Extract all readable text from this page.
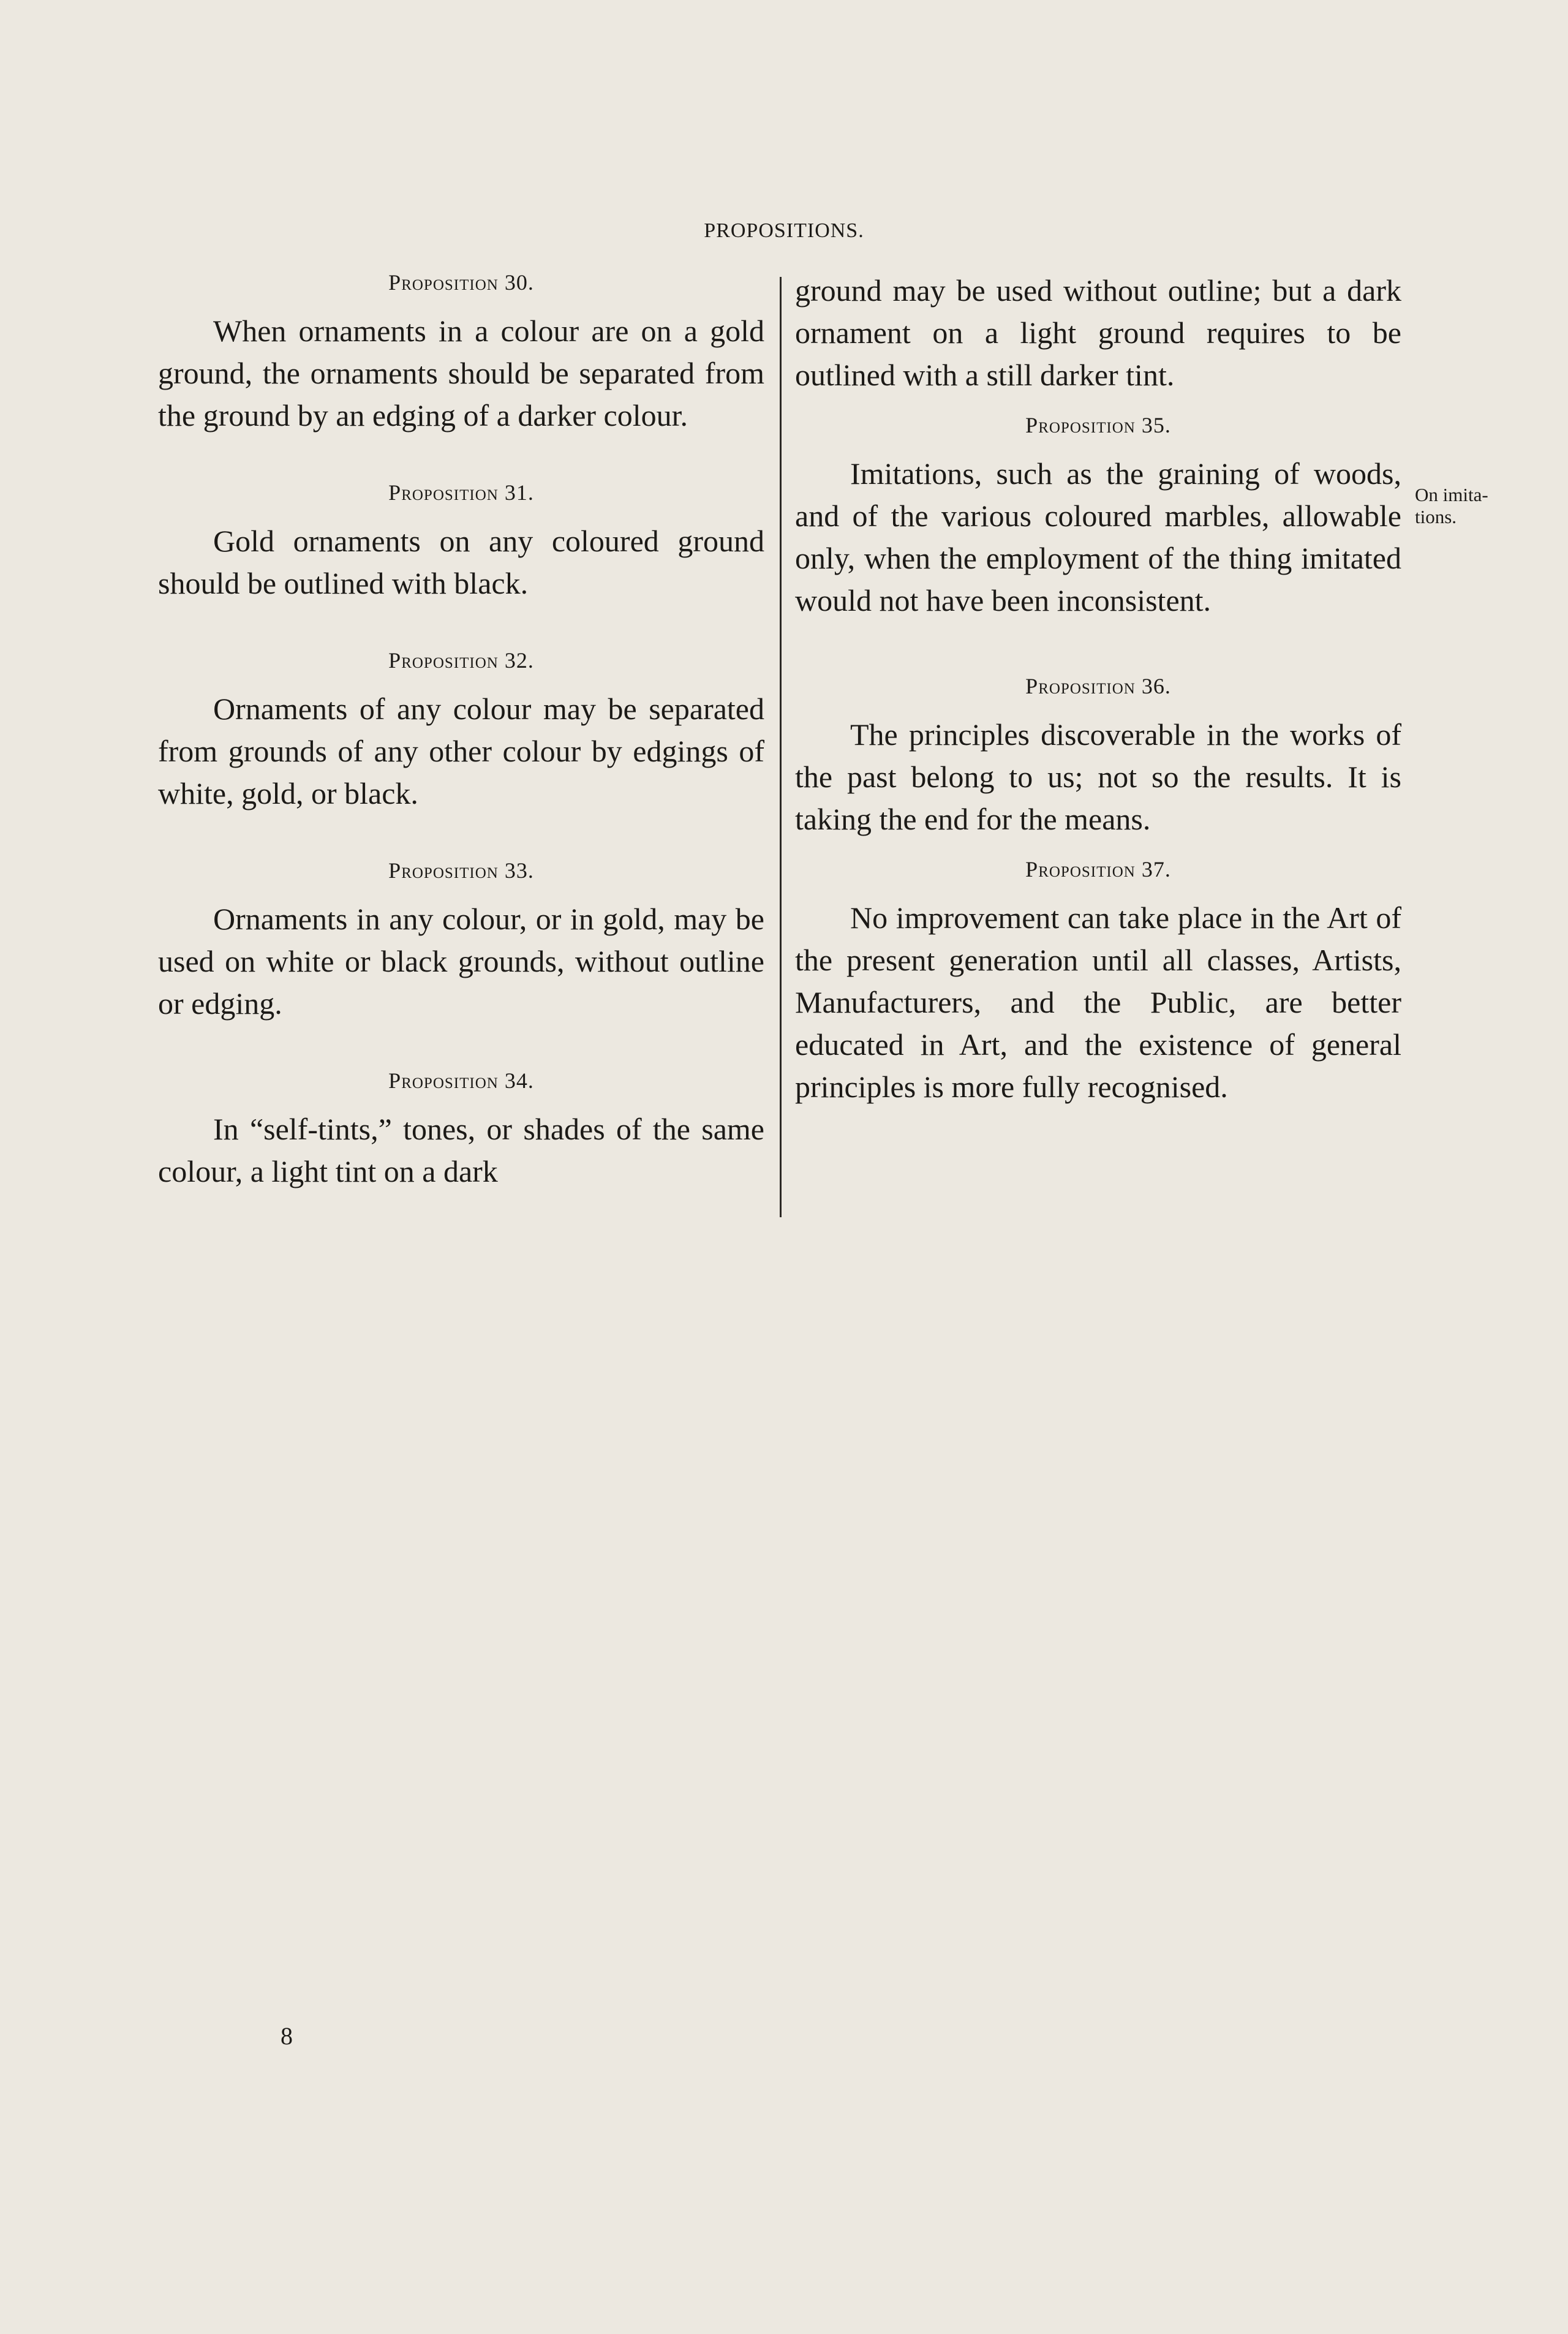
PROPOSITIONS.
Proposition 30.

When ornaments in a colour are on a gold ground, the ornaments should be separated from the ground by an edging of a darker colour.

Proposition 31.

Gold ornaments on any coloured ground should be outlined with black.

Proposition 32.

Ornaments of any colour may be separated from grounds of any other colour by edgings of white, gold, or black.

Proposition 33.

Ornaments in any colour, or in gold, may be used on white or black grounds, without outline or edging.

Proposition 34.

In “self-tints,” tones, or shades of the same colour, a light tint on a dark

ground may be used without outline; but a dark ornament on a light ground requires to be outlined with a still darker tint.

Proposition 35.

Imitations, such as the graining of woods, and of the various coloured marbles, allowable only, when the employment of the thing imitated would not have been inconsistent.

Proposition 36.

The principles discoverable in the works of the past belong to us; not so the results. It is taking the end for the means.

Proposition 37.

No improvement can take place in the Art of the present generation until all classes, Artists, Manufacturers, and the Public, are better educated in Art, and the existence of general principles is more fully recognised.

On imitations.
8
